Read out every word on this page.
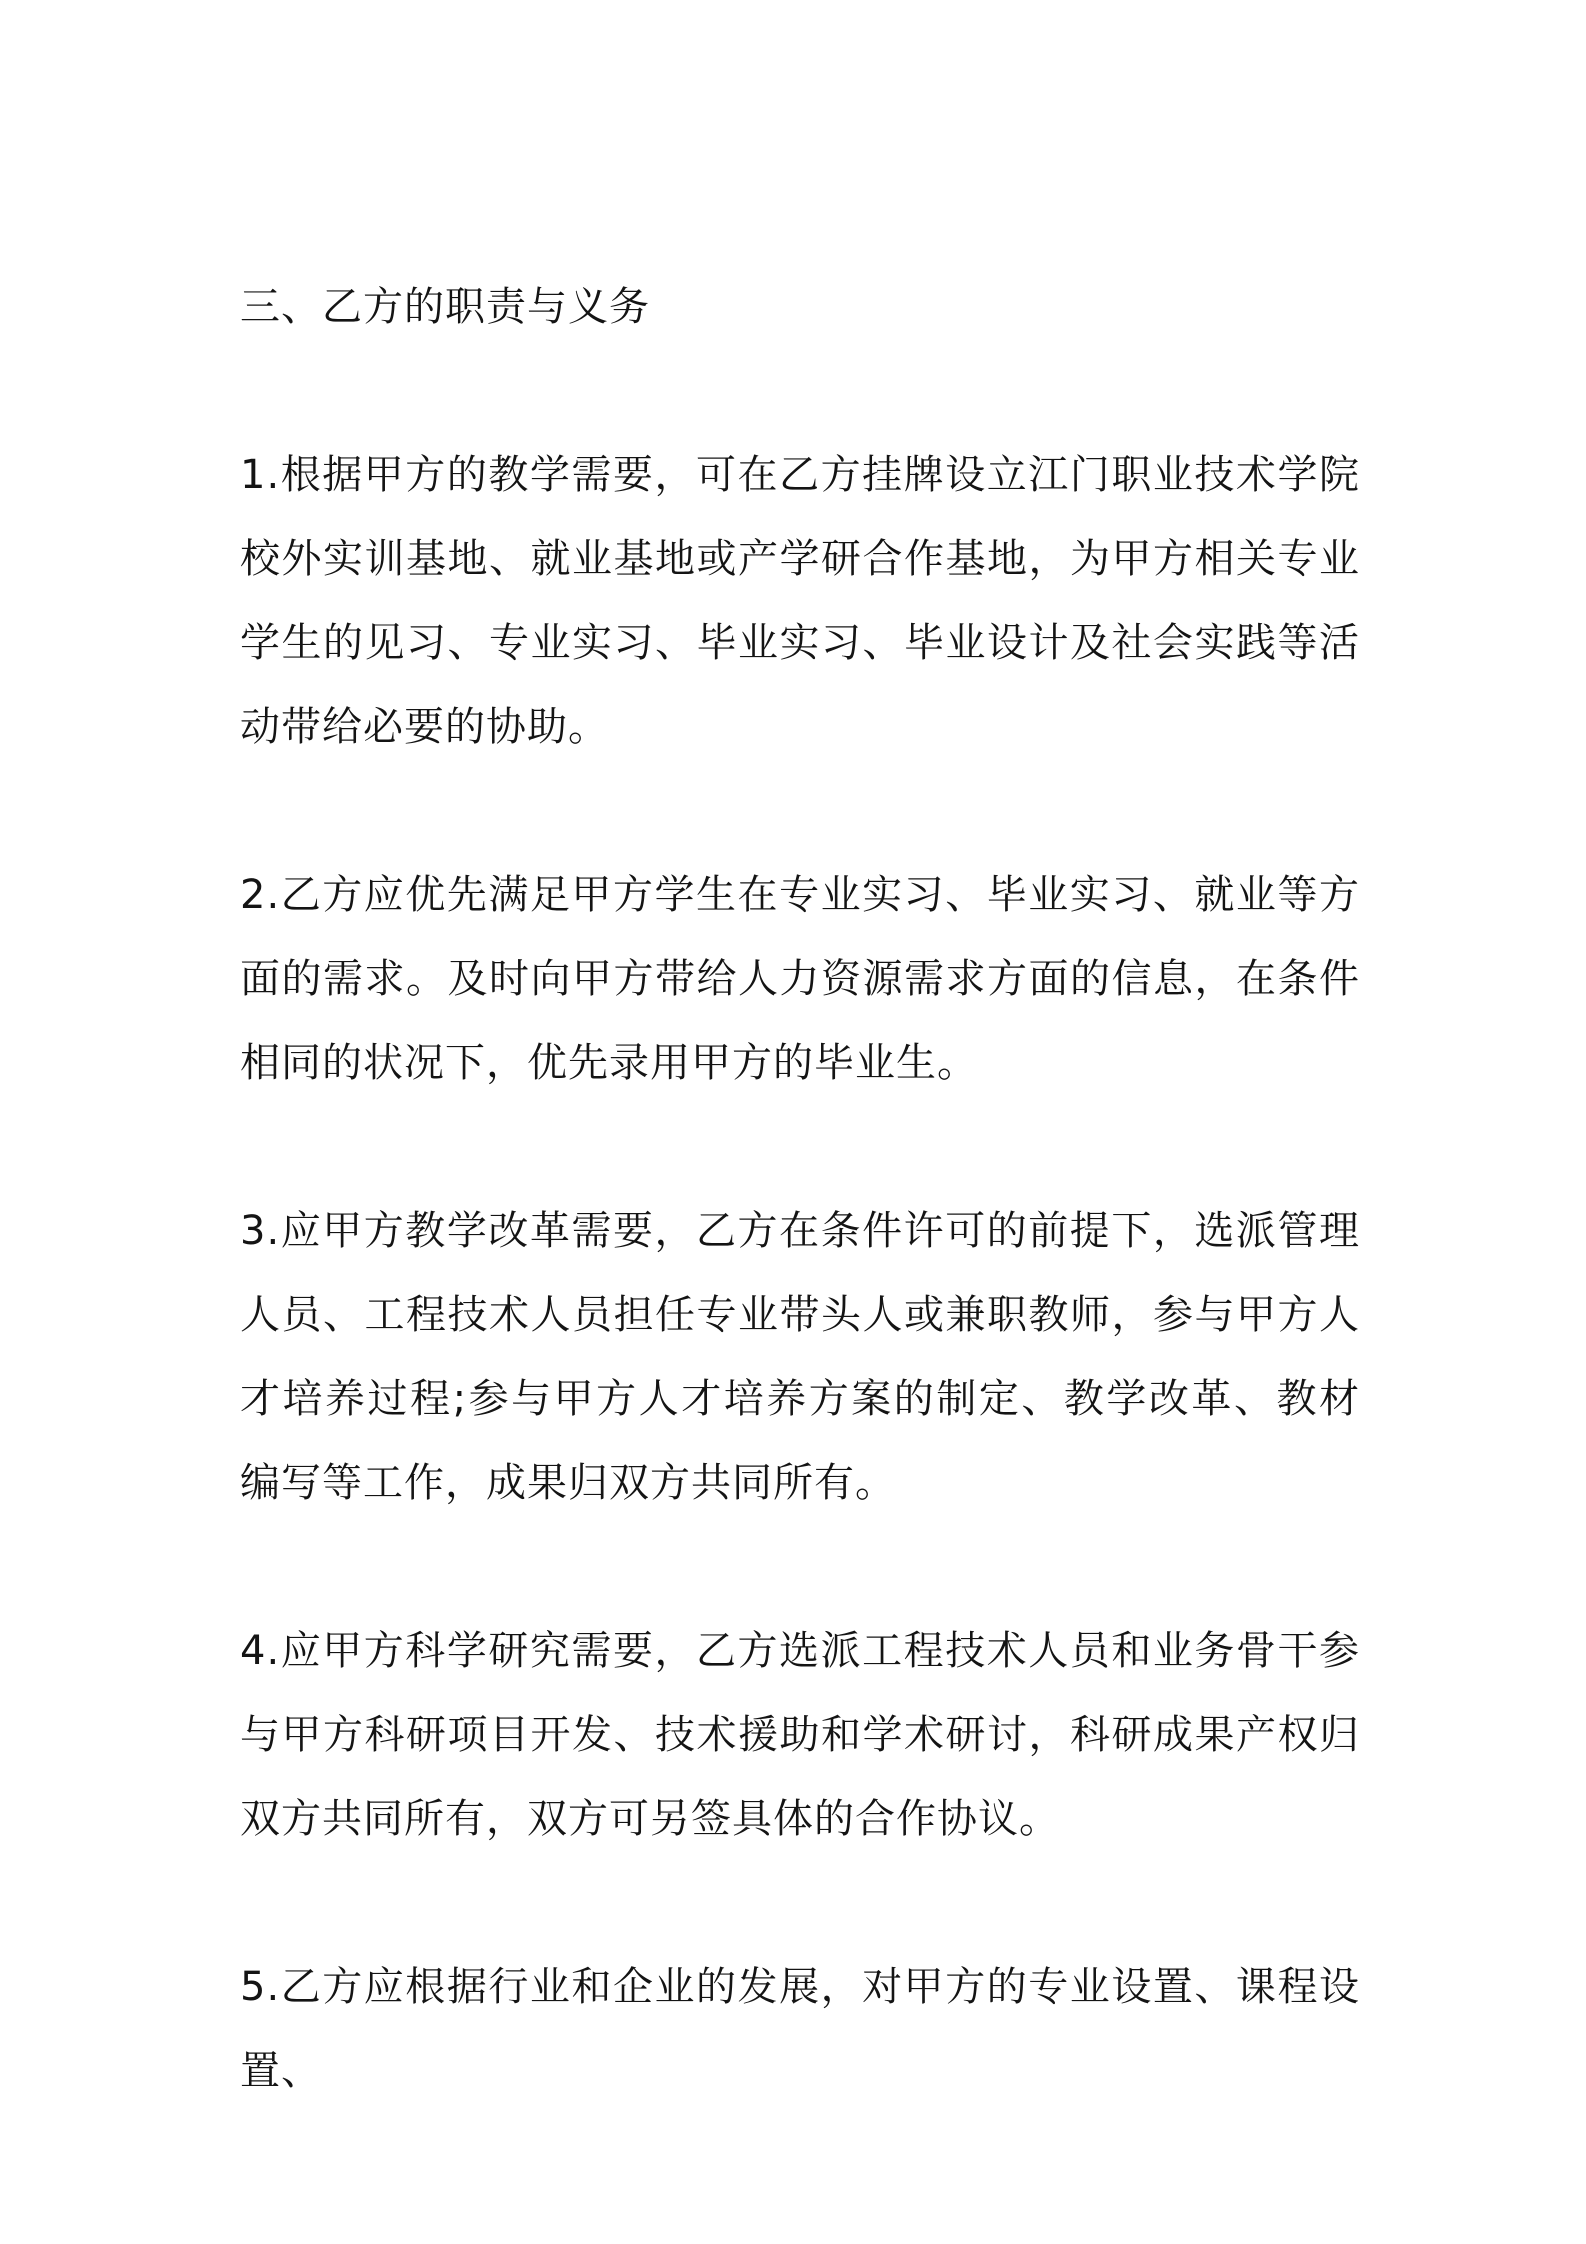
三、乙方的职责与义务

1.根据甲方的教学需要，可在乙方挂牌设立江门职业技术学院校外实训基地、就业基地或产学研合作基地，为甲方相关专业学生的见习、专业实习、毕业实习、毕业设计及社会实践等活动带给必要的协助。

2.乙方应优先满足甲方学生在专业实习、毕业实习、就业等方面的需求。及时向甲方带给人力资源需求方面的信息，在条件相同的状况下，优先录用甲方的毕业生。

3.应甲方教学改革需要，乙方在条件许可的前提下，选派管理人员、工程技术人员担任专业带头人或兼职教师，参与甲方人才培养过程;参与甲方人才培养方案的制定、教学改革、教材编写等工作，成果归双方共同所有。

4.应甲方科学研究需要，乙方选派工程技术人员和业务骨干参与甲方科研项目开发、技术援助和学术研讨，科研成果产权归双方共同所有，双方可另签具体的合作协议。

5.乙方应根据行业和企业的发展，对甲方的专业设置、课程设置、
